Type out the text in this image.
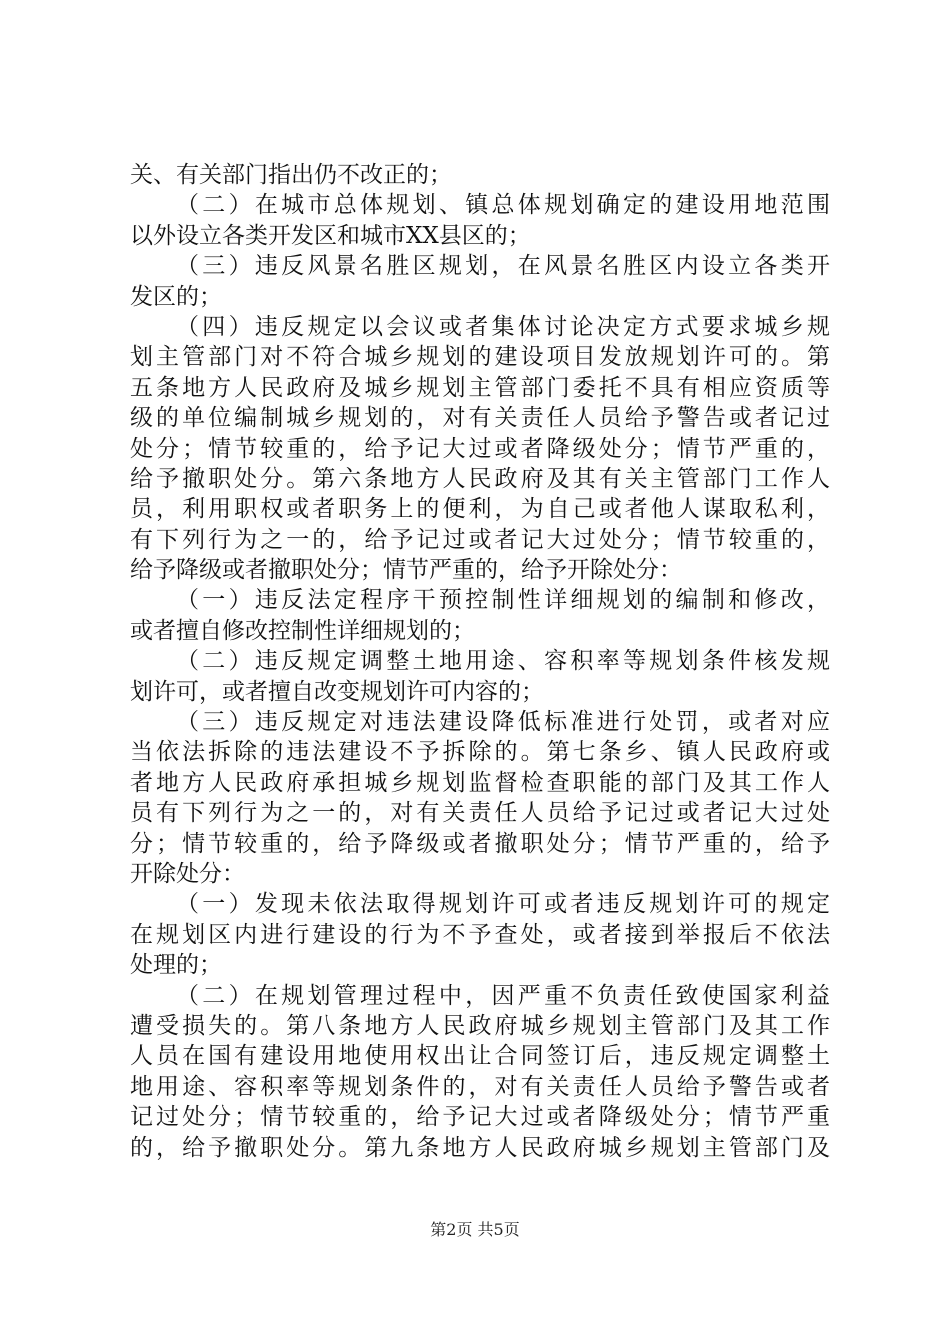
关、有关部门指出仍不改正的；
（二）在城市总体规划、镇总体规划确定的建设用地范围
以外设立各类开发区和城市XX县区的；
（三）违反风景名胜区规划，在风景名胜区内设立各类开
发区的；
（四）违反规定以会议或者集体讨论决定方式要求城乡规
划主管部门对不符合城乡规划的建设项目发放规划许可的。第
五条地方人民政府及城乡规划主管部门委托不具有相应资质等
级的单位编制城乡规划的，对有关责任人员给予警告或者记过
处分；情节较重的，给予记大过或者降级处分；情节严重的，
给予撤职处分。第六条地方人民政府及其有关主管部门工作人
员，利用职权或者职务上的便利，为自己或者他人谋取私利，
有下列行为之一的，给予记过或者记大过处分；情节较重的，
给予降级或者撤职处分；情节严重的，给予开除处分：
（一）违反法定程序干预控制性详细规划的编制和修改，
或者擅自修改控制性详细规划的；
（二）违反规定调整土地用途、容积率等规划条件核发规
划许可，或者擅自改变规划许可内容的；
（三）违反规定对违法建设降低标准进行处罚，或者对应
当依法拆除的违法建设不予拆除的。第七条乡、镇人民政府或
者地方人民政府承担城乡规划监督检查职能的部门及其工作人
员有下列行为之一的，对有关责任人员给予记过或者记大过处
分；情节较重的，给予降级或者撤职处分；情节严重的，给予
开除处分：
（一）发现未依法取得规划许可或者违反规划许可的规定
在规划区内进行建设的行为不予查处，或者接到举报后不依法
处理的；
（二）在规划管理过程中，因严重不负责任致使国家利益
遭受损失的。第八条地方人民政府城乡规划主管部门及其工作
人员在国有建设用地使用权出让合同签订后，违反规定调整土
地用途、容积率等规划条件的，对有关责任人员给予警告或者
记过处分；情节较重的，给予记大过或者降级处分；情节严重
的，给予撤职处分。第九条地方人民政府城乡规划主管部门及
第2页 共5页
